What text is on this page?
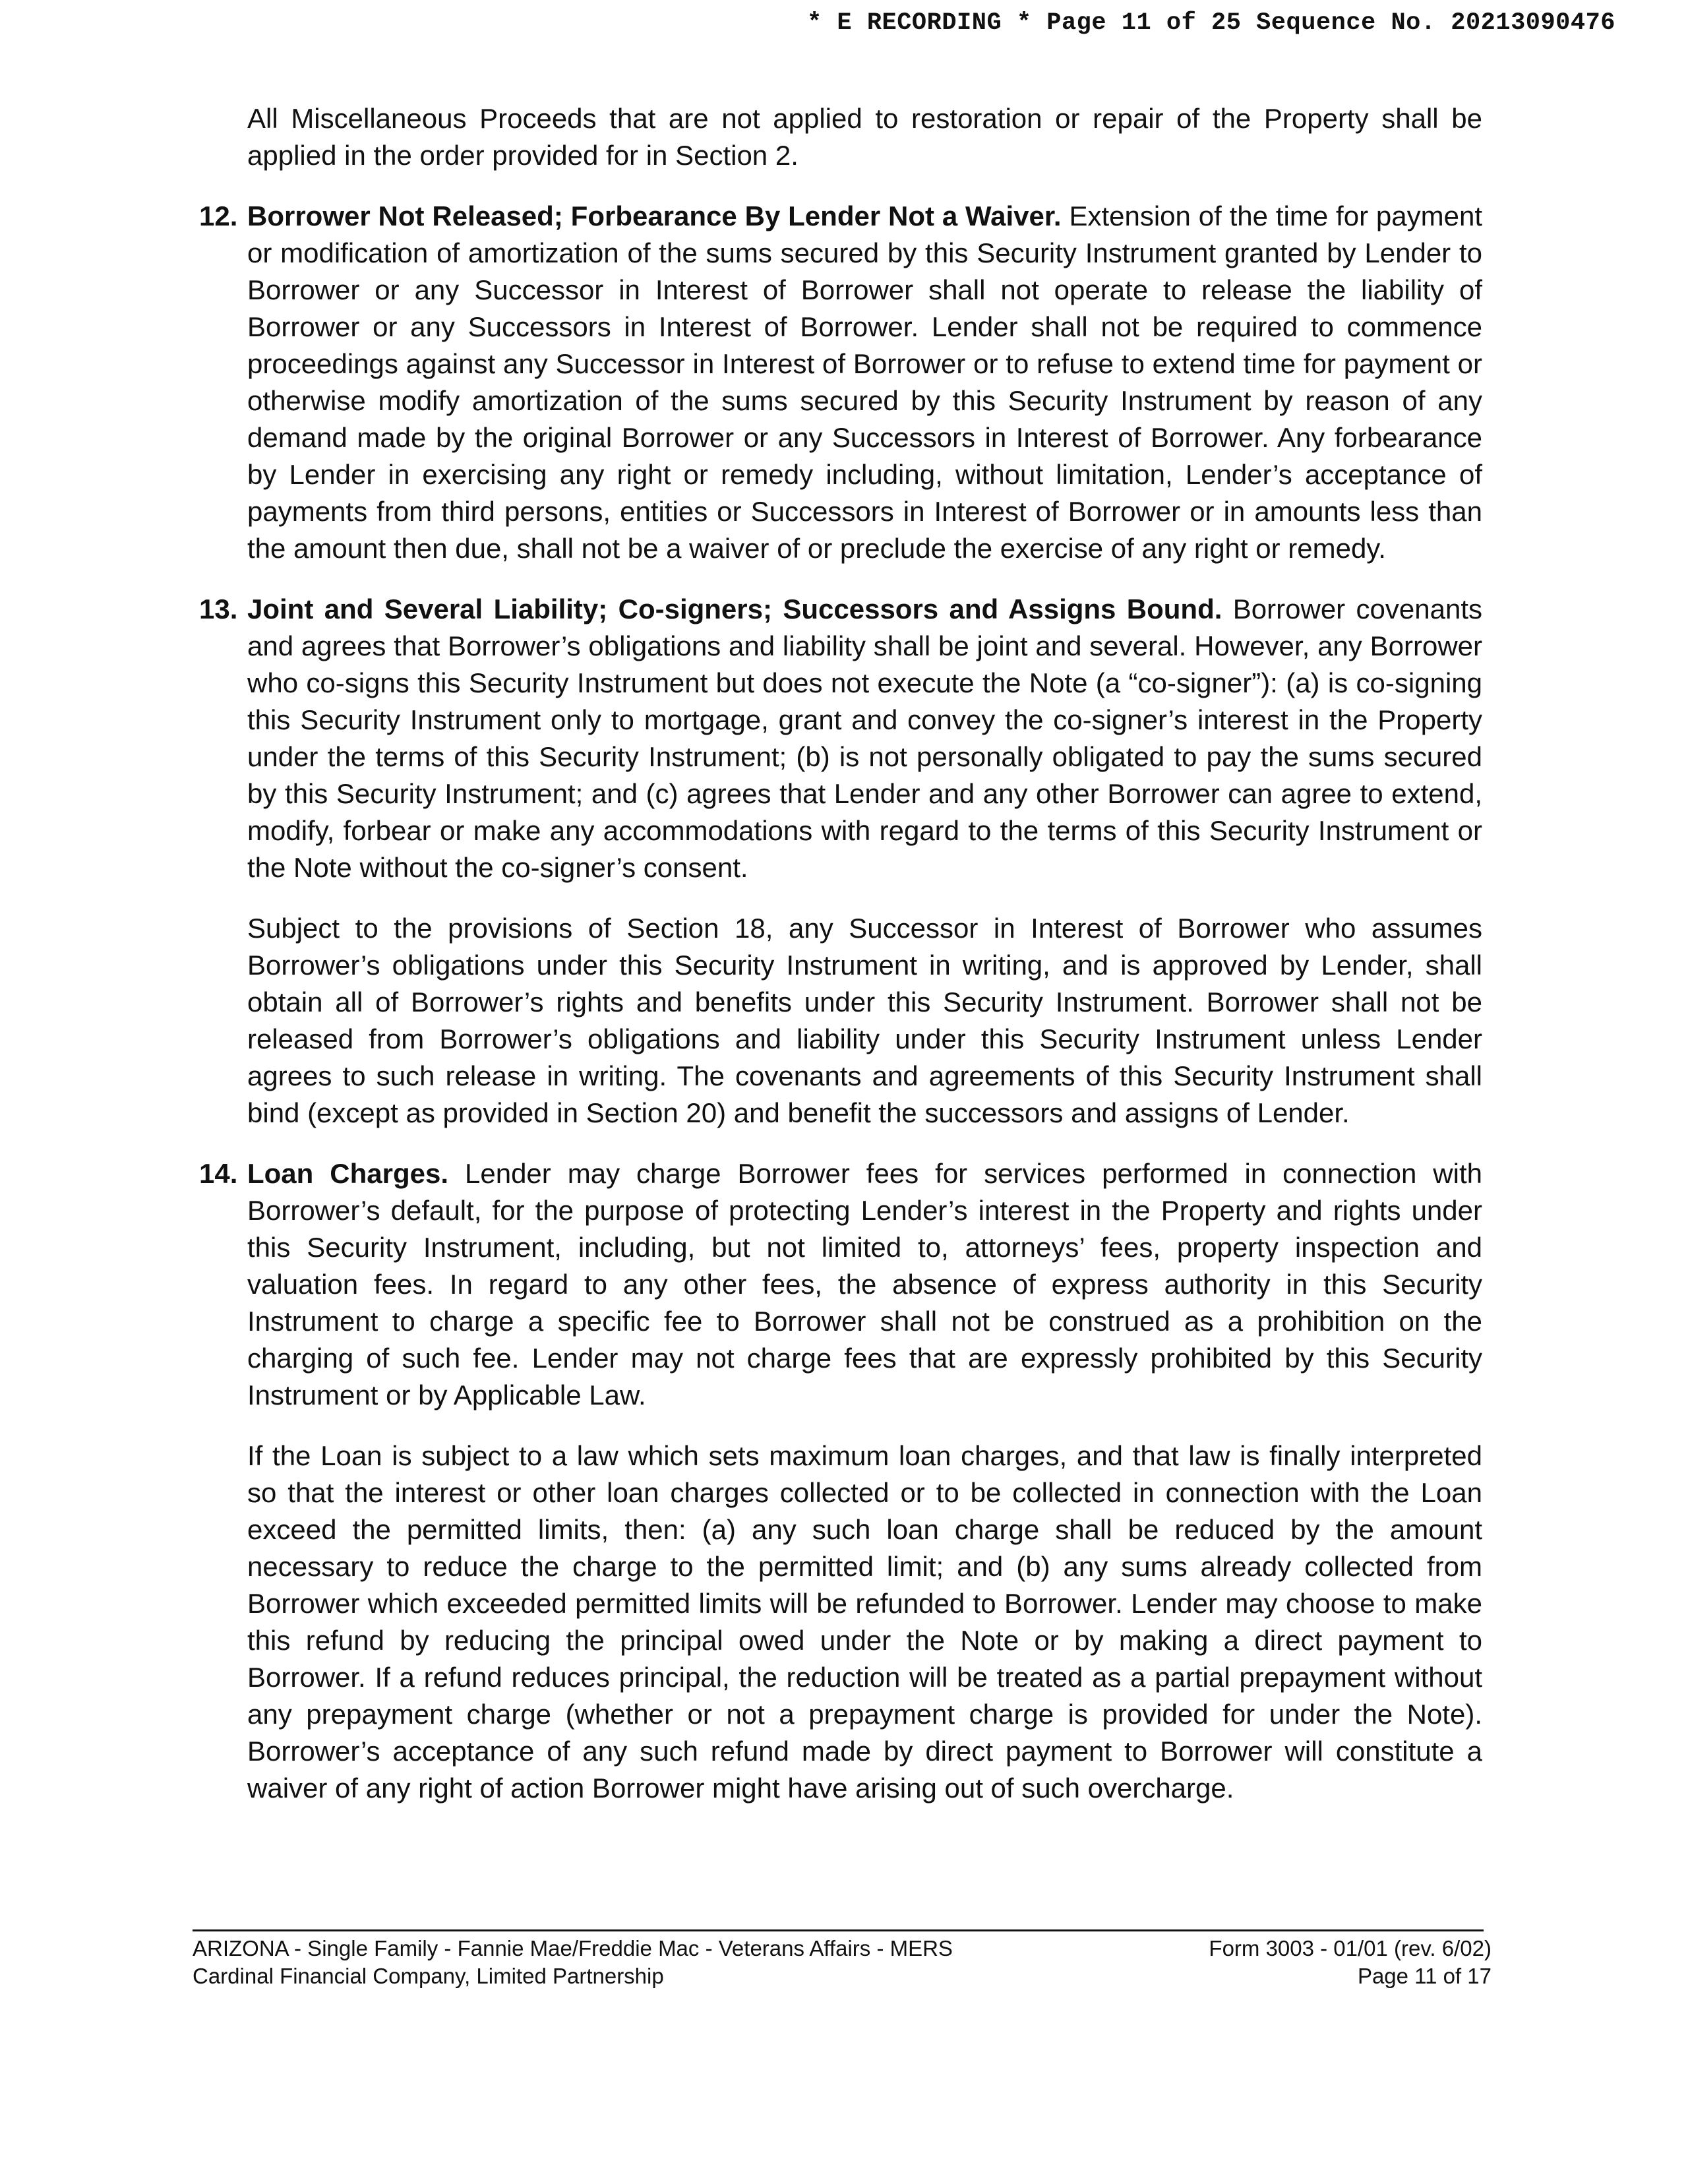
* E RECORDING * Page 11 of 25 Sequence No. 20213090476

All Miscellaneous Proceeds that are not applied to restoration or repair of the Property shall be applied in the order provided for in Section 2.

12. Borrower Not Released; Forbearance By Lender Not a Waiver. Extension of the time for payment or modification of amortization of the sums secured by this Security Instrument granted by Lender to Borrower or any Successor in Interest of Borrower shall not operate to release the liability of Borrower or any Successors in Interest of Borrower. Lender shall not be required to commence proceedings against any Successor in Interest of Borrower or to refuse to extend time for payment or otherwise modify amortization of the sums secured by this Security Instrument by reason of any demand made by the original Borrower or any Successors in Interest of Borrower. Any forbearance by Lender in exercising any right or remedy including, without limitation, Lender’s acceptance of payments from third persons, entities or Successors in Interest of Borrower or in amounts less than the amount then due, shall not be a waiver of or preclude the exercise of any right or remedy.
13. Joint and Several Liability; Co-signers; Successors and Assigns Bound. Borrower covenants and agrees that Borrower’s obligations and liability shall be joint and several. However, any Borrower who co-signs this Security Instrument but does not execute the Note (a “co-signer”): (a) is co-signing this Security Instrument only to mortgage, grant and convey the co-signer’s interest in the Property under the terms of this Security Instrument; (b) is not personally obligated to pay the sums secured by this Security Instrument; and (c) agrees that Lender and any other Borrower can agree to extend, modify, forbear or make any accommodations with regard to the terms of this Security Instrument or the Note without the co-signer’s consent.

Subject to the provisions of Section 18, any Successor in Interest of Borrower who assumes Borrower’s obligations under this Security Instrument in writing, and is approved by Lender, shall obtain all of Borrower’s rights and benefits under this Security Instrument. Borrower shall not be released from Borrower’s obligations and liability under this Security Instrument unless Lender agrees to such release in writing. The covenants and agreements of this Security Instrument shall bind (except as provided in Section 20) and benefit the successors and assigns of Lender.

14. Loan Charges. Lender may charge Borrower fees for services performed in connection with Borrower’s default, for the purpose of protecting Lender’s interest in the Property and rights under this Security Instrument, including, but not limited to, attorneys’ fees, property inspection and valuation fees. In regard to any other fees, the absence of express authority in this Security Instrument to charge a specific fee to Borrower shall not be construed as a prohibition on the charging of such fee. Lender may not charge fees that are expressly prohibited by this Security Instrument or by Applicable Law.

If the Loan is subject to a law which sets maximum loan charges, and that law is finally interpreted so that the interest or other loan charges collected or to be collected in connection with the Loan exceed the permitted limits, then: (a) any such loan charge shall be reduced by the amount necessary to reduce the charge to the permitted limit; and (b) any sums already collected from Borrower which exceeded permitted limits will be refunded to Borrower. Lender may choose to make this refund by reducing the principal owed under the Note or by making a direct payment to Borrower. If a refund reduces principal, the reduction will be treated as a partial prepayment without any prepayment charge (whether or not a prepayment charge is provided for under the Note). Borrower’s acceptance of any such refund made by direct payment to Borrower will constitute a waiver of any right of action Borrower might have arising out of such overcharge.

ARIZONA - Single Family - Fannie Mae/Freddie Mac - Veterans Affairs - MERS
Cardinal Financial Company, Limited Partnership
Form 3003 - 01/01 (rev. 6/02)
Page 11 of 17
